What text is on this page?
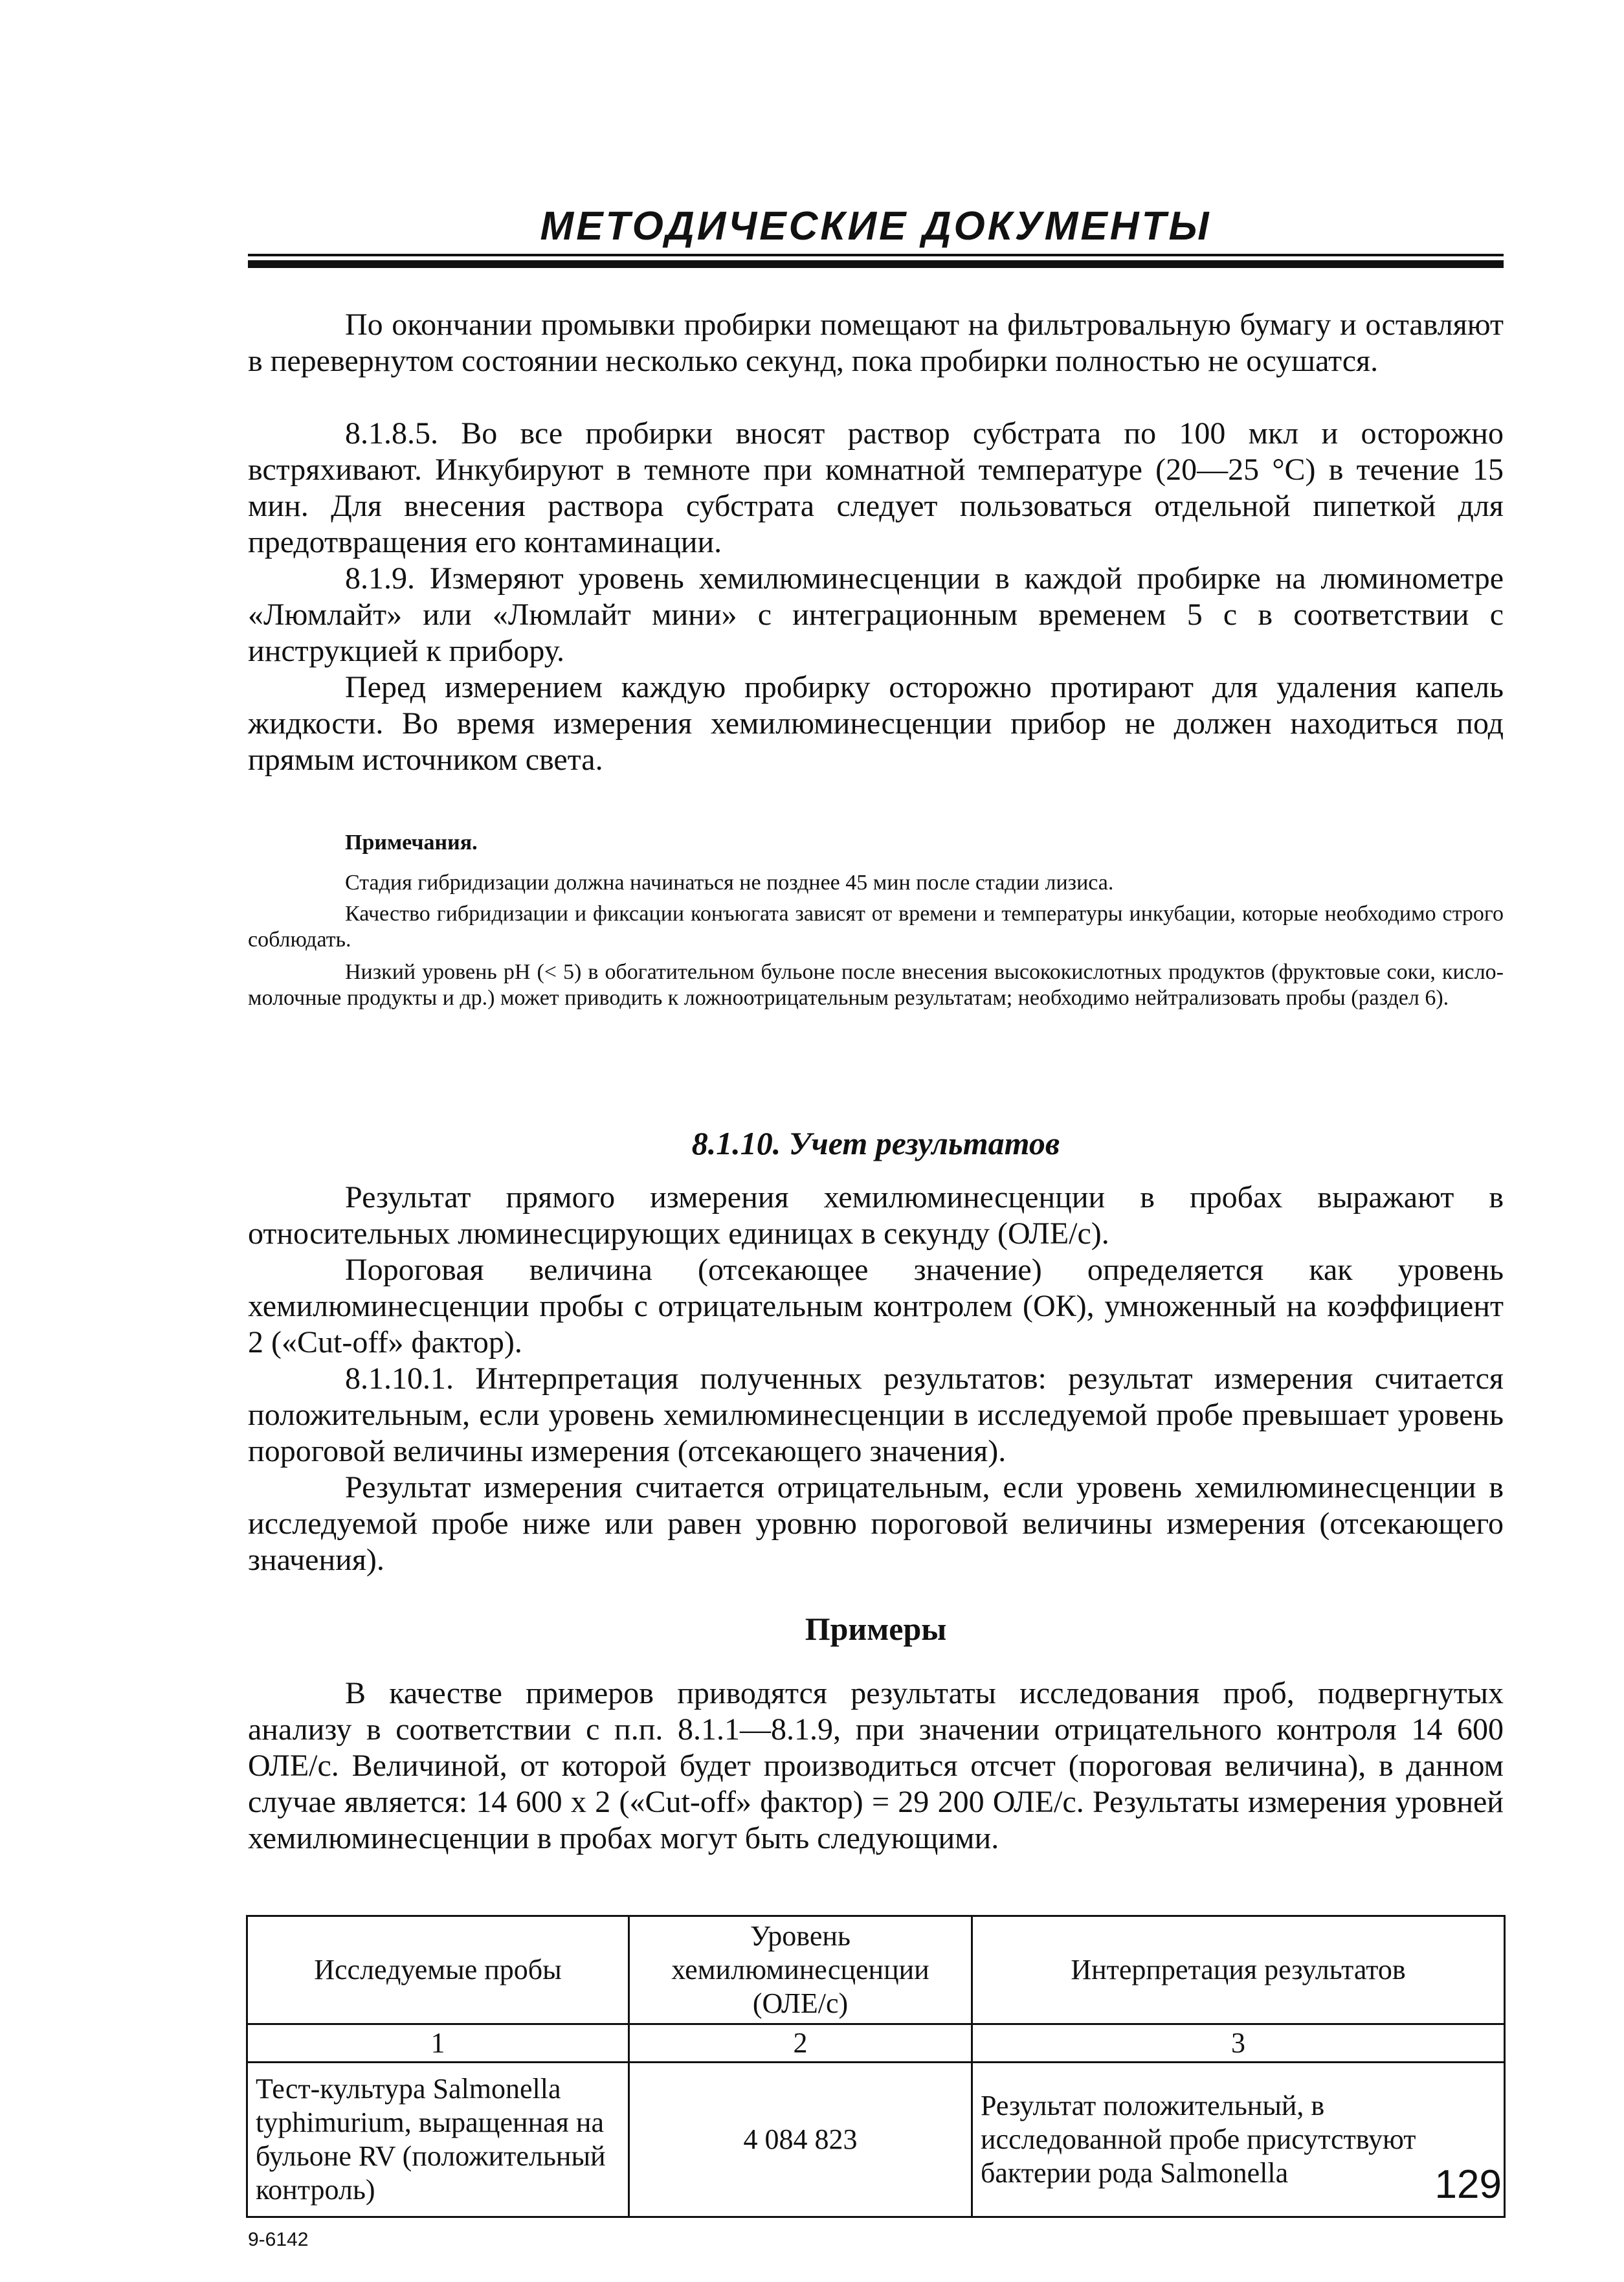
МЕТОДИЧЕСКИЕ ДОКУМЕНТЫ

По окончании промывки пробирки помещают на фильтровальную бумагу и оставляют в перевернутом состоянии несколько секунд, пока пробирки полностью не осушатся.

8.1.8.5. Во все пробирки вносят раствор субстрата по 100 мкл и осторожно встряхивают. Инкубируют в темноте при комнатной температуре (20—25 °С) в течение 15 мин. Для внесения раствора субстрата следует пользоваться отдельной пипеткой для предотвращения его контаминации.

8.1.9. Измеряют уровень хемилюминесценции в каждой пробирке на люминометре «Люмлайт» или «Люмлайт мини» с интеграционным временем 5 с в соответствии с инструкцией к прибору.

Перед измерением каждую пробирку осторожно протирают для удаления капель жидкости. Во время измерения хемилюминесценции прибор не должен находиться под прямым источником света.

Примечания.

Стадия гибридизации должна начинаться не позднее 45 мин после стадии лизиса.

Качество гибридизации и фиксации конъюгата зависят от времени и температуры инкубации, которые необходимо строго соблюдать.

Низкий уровень pH (< 5) в обогатительном бульоне после внесения высококислотных продуктов (фруктовые соки, кисло-молочные продукты и др.) может приводить к ложноотрицательным результатам; необходимо нейтрализовать пробы (раздел 6).

8.1.10. Учет результатов

Результат прямого измерения хемилюминесценции в пробах выражают в относительных люминесцирующих единицах в секунду (ОЛЕ/с).

Пороговая величина (отсекающее значение) определяется как уровень хемилюминесценции пробы с отрицательным контролем (ОК), умноженный на коэффициент 2 («Cut-off» фактор).

8.1.10.1. Интерпретация полученных результатов: результат измерения считается положительным, если уровень хемилюминесценции в исследуемой пробе превышает уровень пороговой величины измерения (отсекающего значения).

Результат измерения считается отрицательным, если уровень хемилюминесценции в исследуемой пробе ниже или равен уровню пороговой величины измерения (отсекающего значения).

Примеры

В качестве примеров приводятся результаты исследования проб, подвергнутых анализу в соответствии с п.п. 8.1.1—8.1.9, при значении отрицательного контроля 14 600 ОЛЕ/с. Величиной, от которой будет производиться отсчет (пороговая величина), в данном случае является: 14 600 х 2 («Cut-off» фактор) = 29 200 ОЛЕ/с. Результаты измерения уровней хемилюминесценции в пробах могут быть следующими.

Исследуемые пробы	Уровень хемилюминесценции (ОЛЕ/с)	Интерпретация результатов
1	2	3
Тест-культура Salmonella typhimurium, выращенная на бульоне RV (положительный контроль)	4 084 823	Результат положительный, в исследованной пробе присутствуют бактерии рода Salmonella	129
9-6142
